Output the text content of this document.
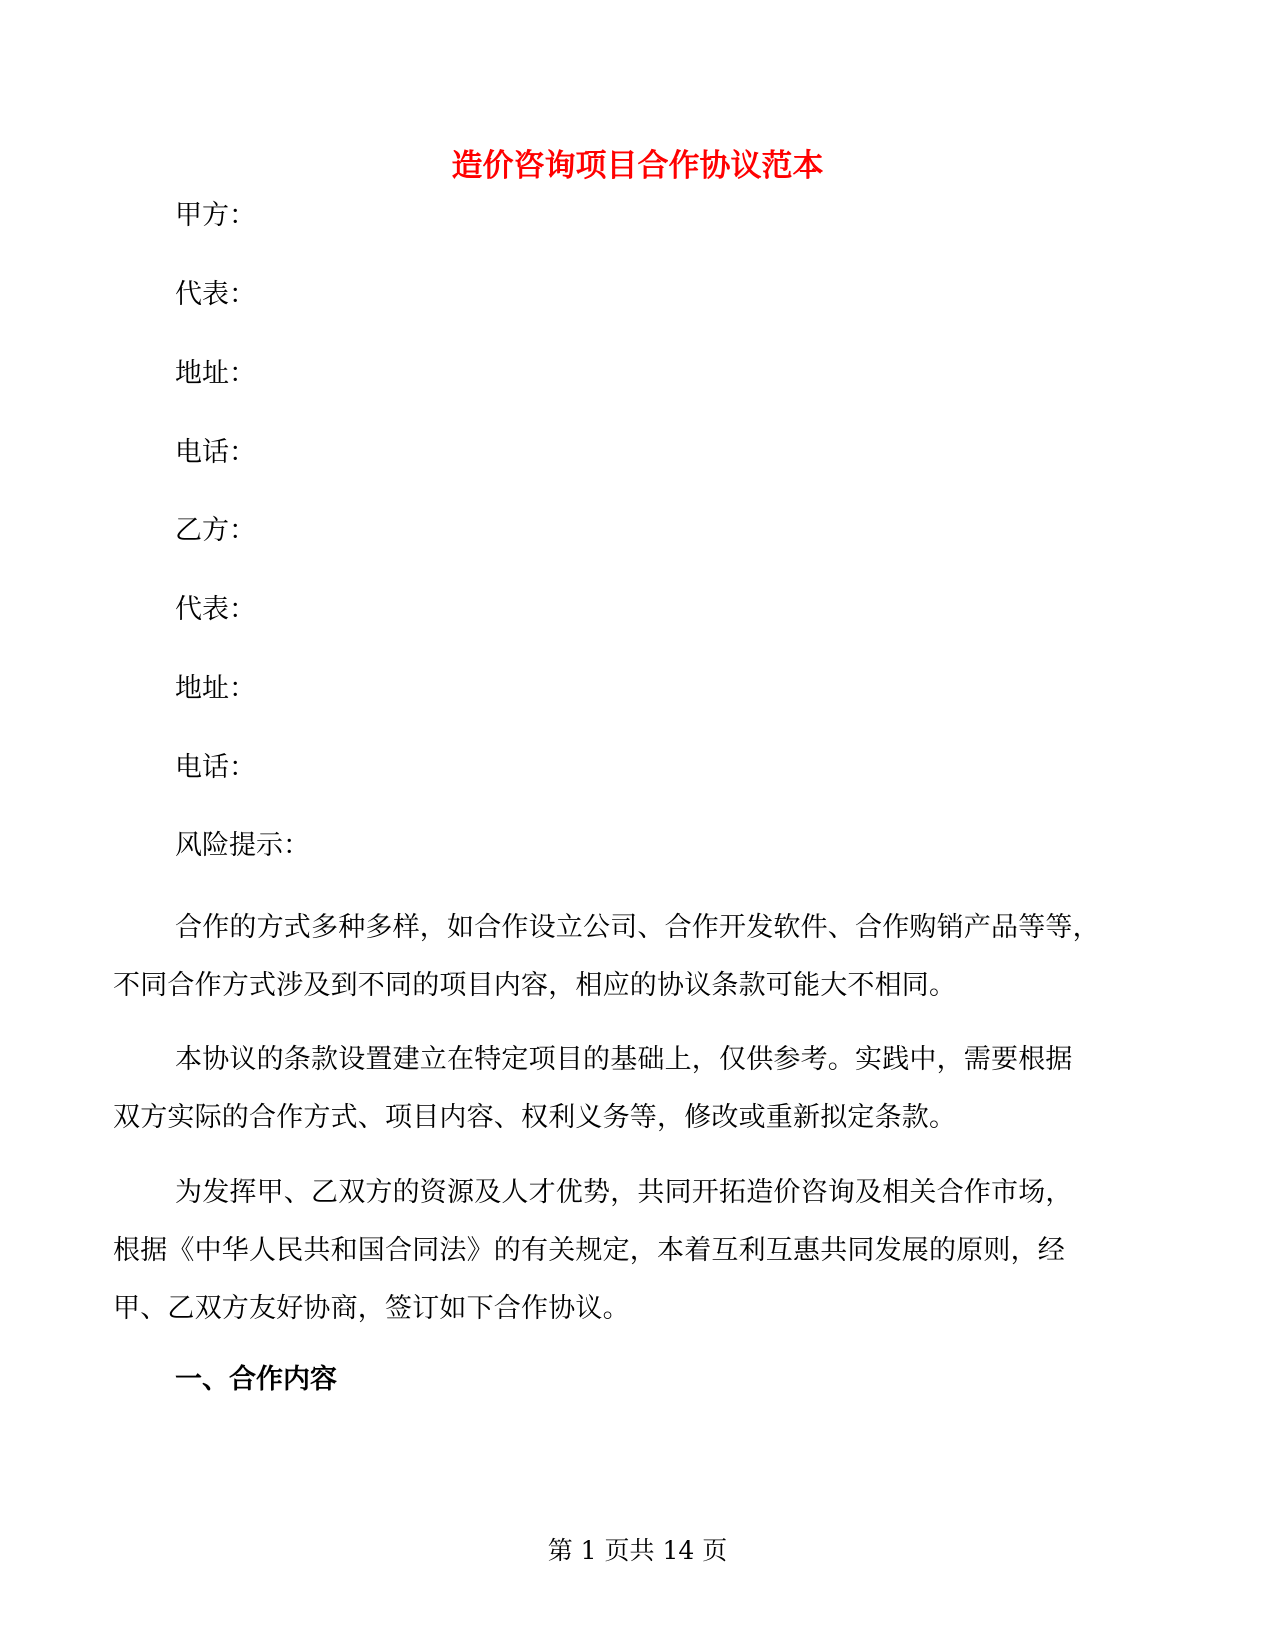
造价咨询项目合作协议范本
甲方：
代表：
地址：
电话：
乙方：
代表：
地址：
电话：
风险提示：
合作的方式多种多样，如合作设立公司、合作开发软件、合作购销产品等等，
不同合作方式涉及到不同的项目内容，相应的协议条款可能大不相同。
本协议的条款设置建立在特定项目的基础上，仅供参考。实践中，需要根据
双方实际的合作方式、项目内容、权利义务等，修改或重新拟定条款。
为发挥甲、乙双方的资源及人才优势，共同开拓造价咨询及相关合作市场，
根据《中华人民共和国合同法》的有关规定，本着互利互惠共同发展的原则，经
甲、乙双方友好协商，签订如下合作协议。
一、合作内容
第 1 页共 14 页
